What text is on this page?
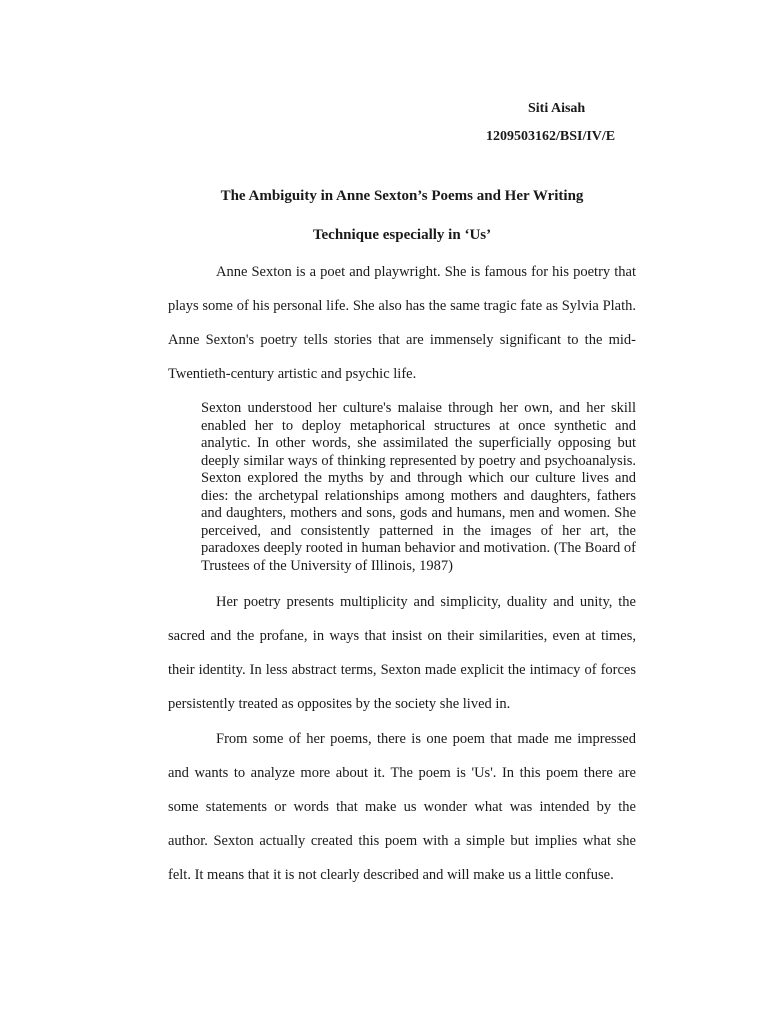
Siti Aisah
1209503162/BSI/IV/E
The Ambiguity in Anne Sexton’s Poems and Her Writing
Technique especially in ‘Us’

Anne Sexton is a poet and playwright. She is famous for his poetry that plays some of his personal life. She also has the same tragic fate as Sylvia Plath. Anne Sexton's poetry tells stories that are immensely significant to the mid-Twentieth-century artistic and psychic life.

Sexton understood her culture's malaise through her own, and her skill enabled her to deploy metaphorical structures at once synthetic and analytic. In other words, she assimilated the superficially opposing but deeply similar ways of thinking represented by poetry and psychoanalysis. Sexton explored the myths by and through which our culture lives and dies: the archetypal relationships among mothers and daughters, fathers and daughters, mothers and sons, gods and humans, men and women. She perceived, and consistently patterned in the images of her art, the paradoxes deeply rooted in human behavior and motivation. (The Board of Trustees of the University of Illinois, 1987)

Her poetry presents multiplicity and simplicity, duality and unity, the sacred and the profane, in ways that insist on their similarities, even at times, their identity. In less abstract terms, Sexton made explicit the intimacy of forces persistently treated as opposites by the society she lived in.

From some of her poems, there is one poem that made me impressed and wants to analyze more about it. The poem is 'Us'. In this poem there are some statements or words that make us wonder what was intended by the author. Sexton actually created this poem with a simple but implies what she felt. It means that it is not clearly described and will make us a little confuse.
